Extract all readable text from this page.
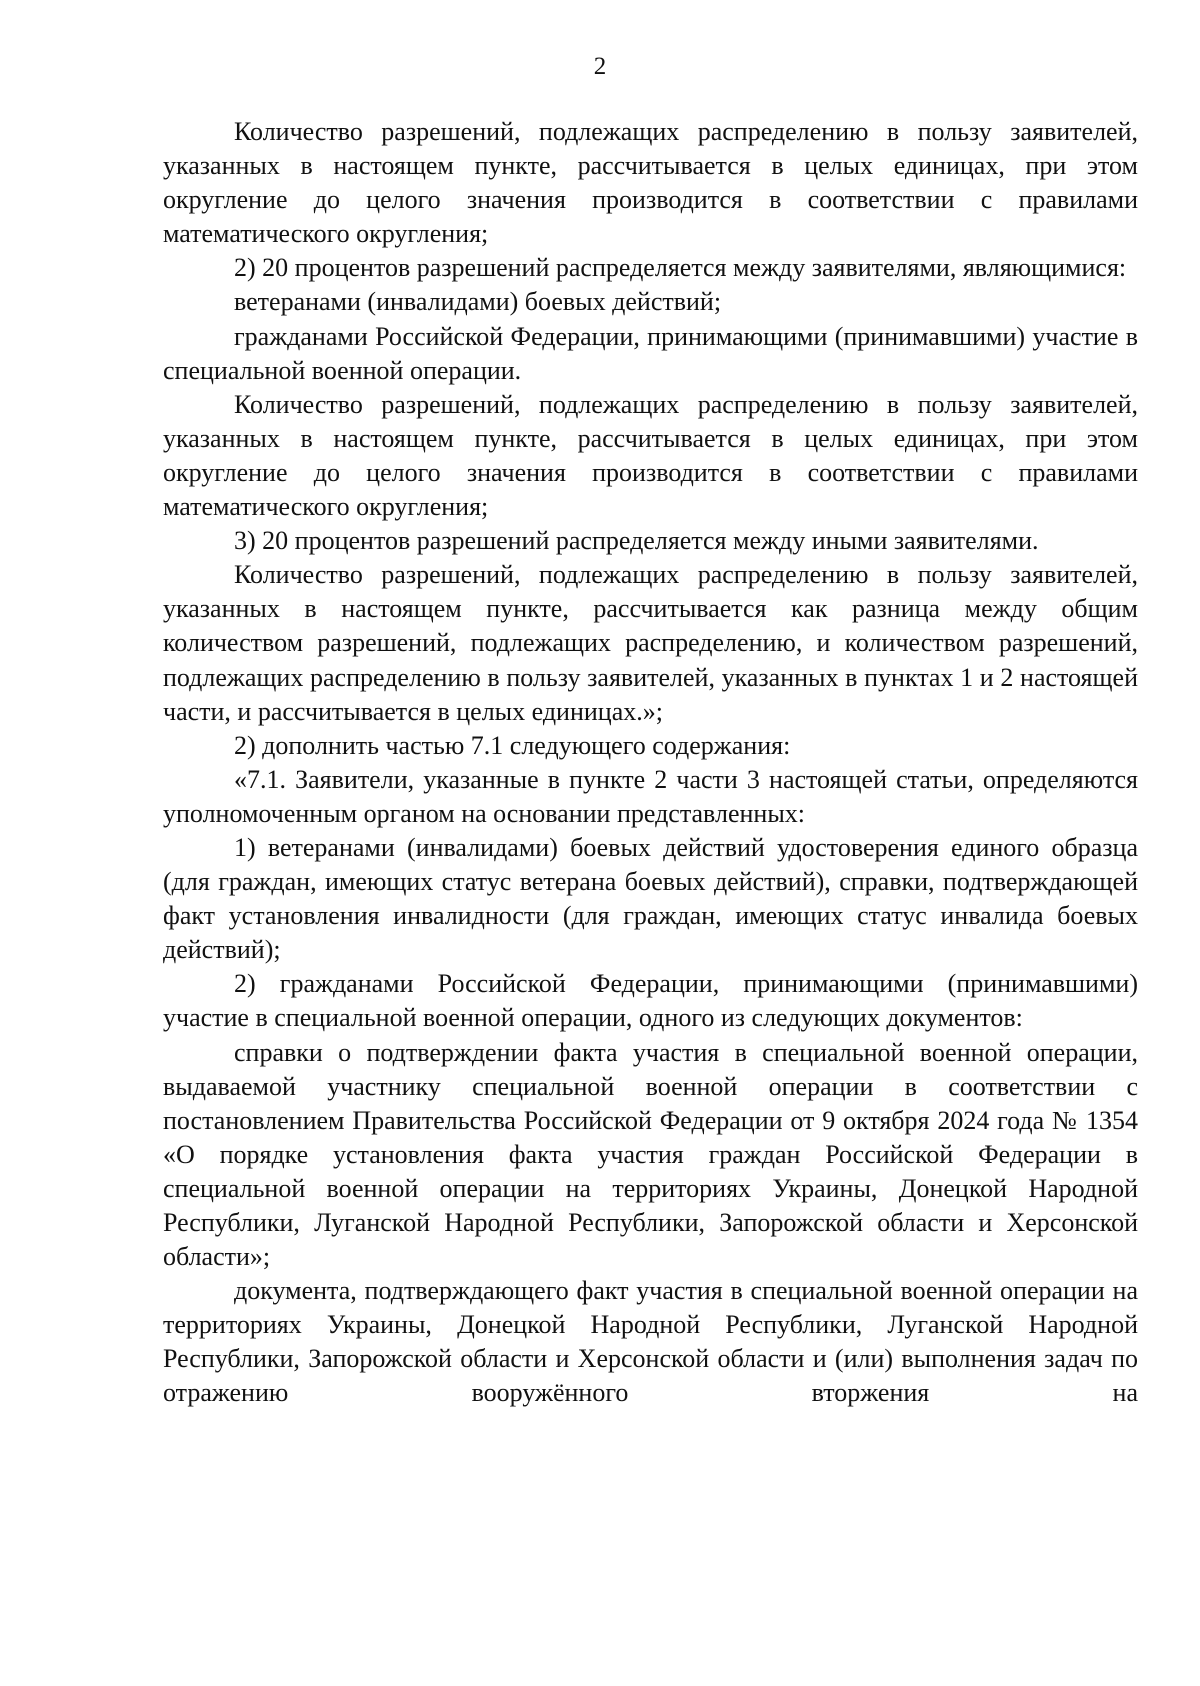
2

Количество разрешений, подлежащих распределению в пользу заявителей, указанных в настоящем пункте, рассчитывается в целых единицах, при этом округление до целого значения производится в соответствии с правилами математического округления;

2) 20 процентов разрешений распределяется между заявителями, являющимися:

ветеранами (инвалидами) боевых действий;

гражданами Российской Федерации, принимающими (принимавшими) участие в специальной военной операции.

Количество разрешений, подлежащих распределению в пользу заявителей, указанных в настоящем пункте, рассчитывается в целых единицах, при этом округление до целого значения производится в соответствии с правилами математического округления;

3) 20 процентов разрешений распределяется между иными заявителями.

Количество разрешений, подлежащих распределению в пользу заявителей, указанных в настоящем пункте, рассчитывается как разница между общим количеством разрешений, подлежащих распределению, и количеством разрешений, подлежащих распределению в пользу заявителей, указанных в пунктах 1 и 2 настоящей части, и рассчитывается в целых единицах.»;

2) дополнить частью 7.1 следующего содержания:

«7.1. Заявители, указанные в пункте 2 части 3 настоящей статьи, определяются уполномоченным органом на основании представленных:

1) ветеранами (инвалидами) боевых действий удостоверения единого образца (для граждан, имеющих статус ветерана боевых действий), справки, подтверждающей факт установления инвалидности (для граждан, имеющих статус инвалида боевых действий);

2) гражданами Российской Федерации, принимающими (принимавшими) участие в специальной военной операции, одного из следующих документов:

справки о подтверждении факта участия в специальной военной операции, выдаваемой участнику специальной военной операции в соответствии с постановлением Правительства Российской Федерации от 9 октября 2024 года № 1354 «О порядке установления факта участия граждан Российской Федерации в специальной военной операции на территориях Украины, Донецкой Народной Республики, Луганской Народной Республики, Запорожской области и Херсонской области»;

документа, подтверждающего факт участия в специальной военной операции на территориях Украины, Донецкой Народной Республики, Луганской Народной Республики, Запорожской области и Херсонской области и (или) выполнения задач по отражению вооружённого вторжения на
